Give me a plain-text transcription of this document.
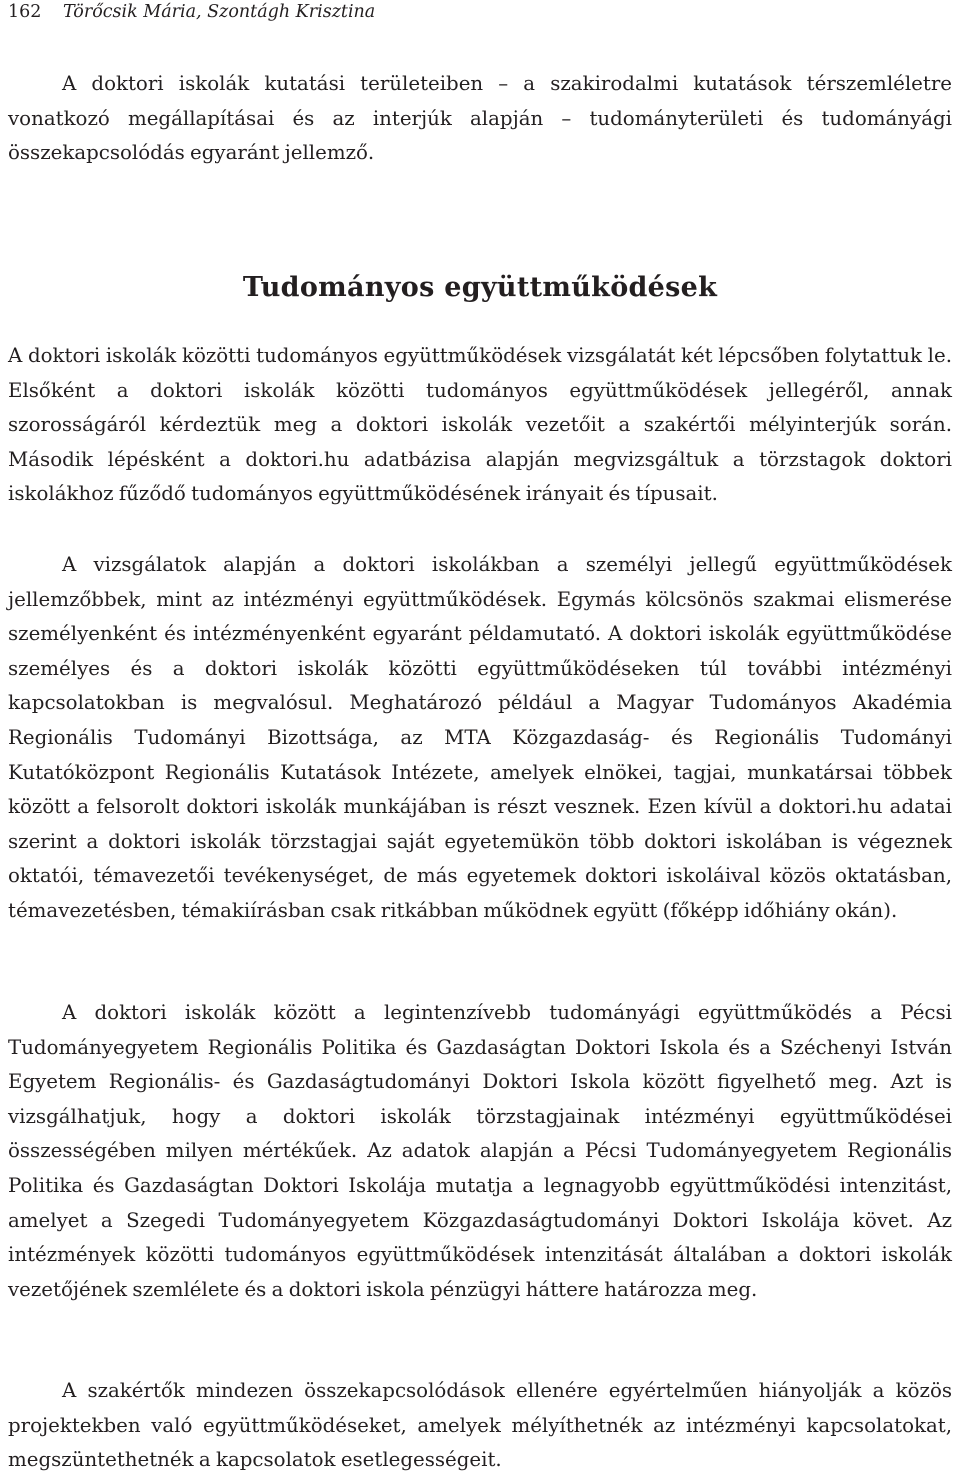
162 Törőcsik Mária, Szontágh Krisztina

A doktori iskolák kutatási területeiben – a szakirodalmi kutatások térszemléletre vonatkozó megállapításai és az interjúk alapján – tudományterületi és tudományági összekapcsolódás egyaránt jellemző.

Tudományos együttműködések

A doktori iskolák közötti tudományos együttműködések vizsgálatát két lépcsőben folytattuk le. Elsőként a doktori iskolák közötti tudományos együttműködések jellegéről, annak szorosságáról kérdeztük meg a doktori iskolák vezetőit a szakértői mélyinterjúk során. Második lépésként a doktori.hu adatbázisa alapján megvizsgáltuk a törzstagok doktori iskolákhoz fűződő tudományos együttműködésének irányait és típusait.

A vizsgálatok alapján a doktori iskolákban a személyi jellegű együttműködések jellemzőbbek, mint az intézményi együttműködések. Egymás kölcsönös szakmai elismerése személyenként és intézményenként egyaránt példamutató. A doktori iskolák együttműködése személyes és a doktori iskolák közötti együttműködéseken túl további intézményi kapcsolatokban is megvalósul. Meghatározó például a Magyar Tudományos Akadémia Regionális Tudományi Bizottsága, az MTA Közgazdaság- és Regionális Tudományi Kutatóközpont Regionális Kutatások Intézete, amelyek elnökei, tagjai, munkatársai többek között a felsorolt doktori iskolák munkájában is részt vesznek. Ezen kívül a doktori.hu adatai szerint a doktori iskolák törzstagjai saját egyetemükön több doktori iskolában is végeznek oktatói, témavezetői tevékenységet, de más egyetemek doktori iskoláival közös oktatásban, témavezetésben, témakiírásban csak ritkábban működnek együtt (főképp időhiány okán).

A doktori iskolák között a legintenzívebb tudományági együttműködés a Pécsi Tudományegyetem Regionális Politika és Gazdaságtan Doktori Iskola és a Széchenyi István Egyetem Regionális- és Gazdaságtudományi Doktori Iskola között figyelhető meg. Azt is vizsgálhatjuk, hogy a doktori iskolák törzstagjainak intézményi együttműködései összességében milyen mértékűek. Az adatok alapján a Pécsi Tudományegyetem Regionális Politika és Gazdaságtan Doktori Iskolája mutatja a legnagyobb együttműködési intenzitást, amelyet a Szegedi Tudományegyetem Közgazdaságtudományi Doktori Iskolája követ. Az intézmények közötti tudományos együttműködések intenzitását általában a doktori iskolák vezetőjének szemlélete és a doktori iskola pénzügyi háttere határozza meg.

A szakértők mindezen összekapcsolódások ellenére egyértelműen hiányolják a közös projektekben való együttműködéseket, amelyek mélyíthetnék az intézményi kapcsolatokat, megszüntethetnék a kapcsolatok esetlegességeit.
